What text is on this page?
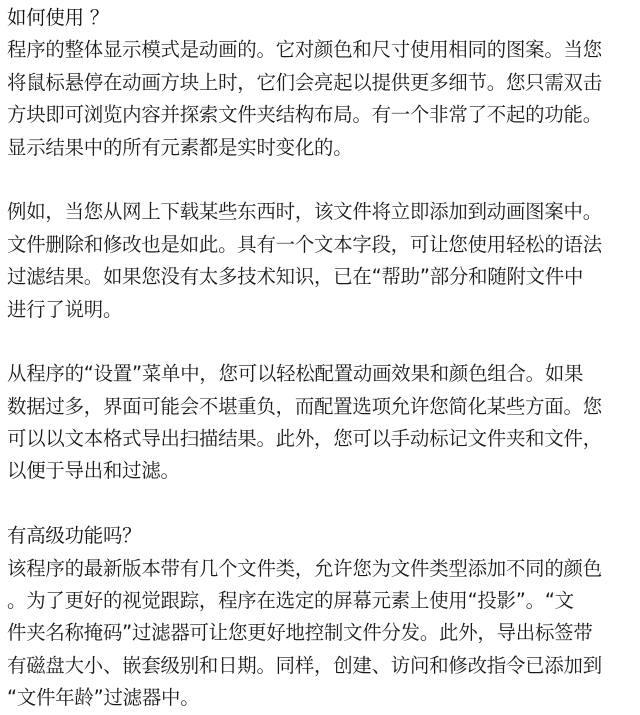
如何使用 ？
程序的整体显示模式是动画的。它对颜色和尺寸使用相同的图案。当您
将鼠标悬停在动画方块上时，它们会亮起以提供更多细节。您只需双击
方块即可浏览内容并探索文件夹结构布局。有一个非常了不起的功能。
显示结果中的所有元素都是实时变化的。
例如，当您从网上下载某些东西时，该文件将立即添加到动画图案中。
文件删除和修改也是如此。具有一个文本字段，可让您使用轻松的语法
过滤结果。如果您没有太多技术知识，已在“帮助”部分和随附文件中
进行了说明。
从程序的“设置”菜单中，您可以轻松配置动画效果和颜色组合。如果
数据过多，界面可能会不堪重负，而配置选项允许您简化某些方面。您
可以以文本格式导出扫描结果。此外，您可以手动标记文件夹和文件，
以便于导出和过滤。
有高级功能吗？
该程序的最新版本带有几个文件类，允许您为文件类型添加不同的颜色
。为了更好的视觉跟踪，程序在选定的屏幕元素上使用“投影”。“文
件夹名称掩码”过滤器可让您更好地控制文件分发。此外，导出标签带
有磁盘大小、嵌套级别和日期。同样，创建、访问和修改指令已添加到
“文件年龄”过滤器中。
